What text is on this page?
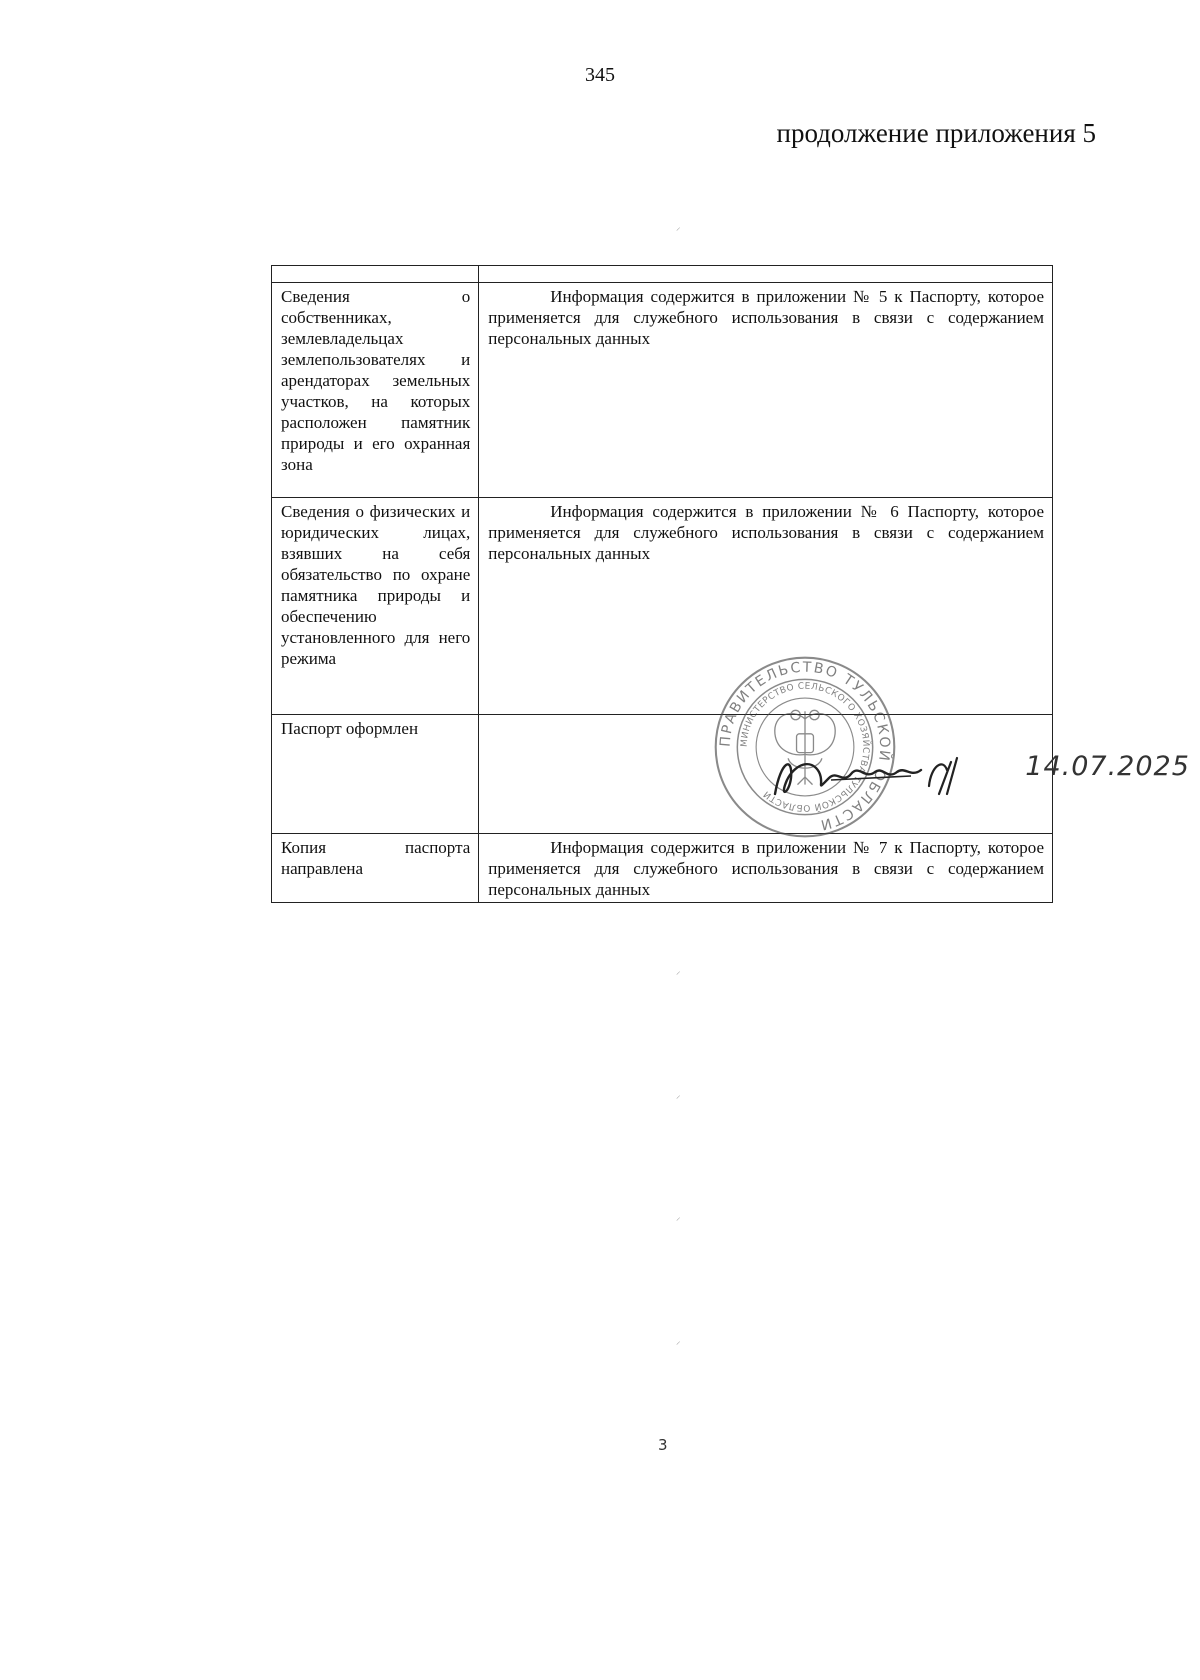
345
продолжение приложения 5

Сведения о собственниках, землевладельцах землепользователях и арендаторах земельных участков, на которых расположен памятник природы и его охранная зона	Информация содержится в приложении № 5 к Паспорту, которое применяется для служебного использования в связи с содержанием персональных данных
Сведения о физических и юридических лицах, взявших на себя обязательство по охране памятника природы и обеспечению установленного для него режима	Информация содержится в приложении № 6 Паспорту, которое применяется для служебного использования в связи с содержанием персональных данных
Паспорт оформлен	ПРАВИТЕЛЬСТВО ТУЛЬСКОЙ ОБЛАСТИ
МИНИСТЕРСТВО СЕЛЬСКОГО ХОЗЯЙСТВА ТУЛЬСКОЙ ОБЛАСТИ
14.07.2025

Копия паспорта направлена	Информация содержится в приложении № 7 к Паспорту, которое применяется для служебного использования в связи с содержанием персональных данных
⸝
⸝
⸝
⸝
⸝
3
